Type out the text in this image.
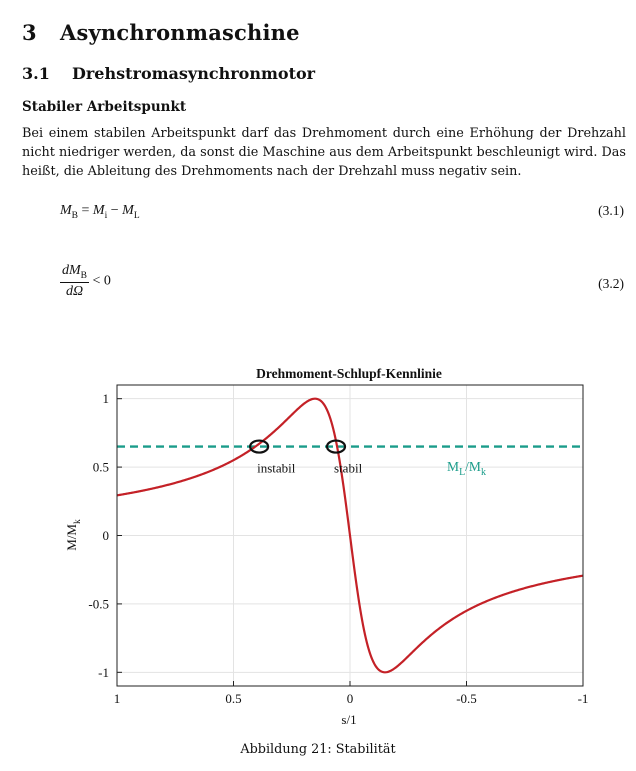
3 Asynchronmaschine
3.1 Drehstromasynchronmotor
Stabiler Arbeitspunkt
Bei einem stabilen Arbeitspunkt darf das Drehmoment durch eine Erhöhung der Drehzahl nicht niedriger werden, da sonst die Maschine aus dem Arbeitspunkt beschleunigt wird. Das heißt, die Ableitung des Drehmoments nach der Drehzahl muss negativ sein.
$M_B = M_i - M_L$	(3.1)
$\frac{dM_B}{d\Omega} < 0$	(3.2)
Drehmoment-Schlupf-Kennlinie
1	0.5	0	-0.5	-1
1
0.5
0
-0.5
-1
instabil	stabil	$M_L/M_k$
s/1
$M/M_k$
Abbildung 21: Stabilität
